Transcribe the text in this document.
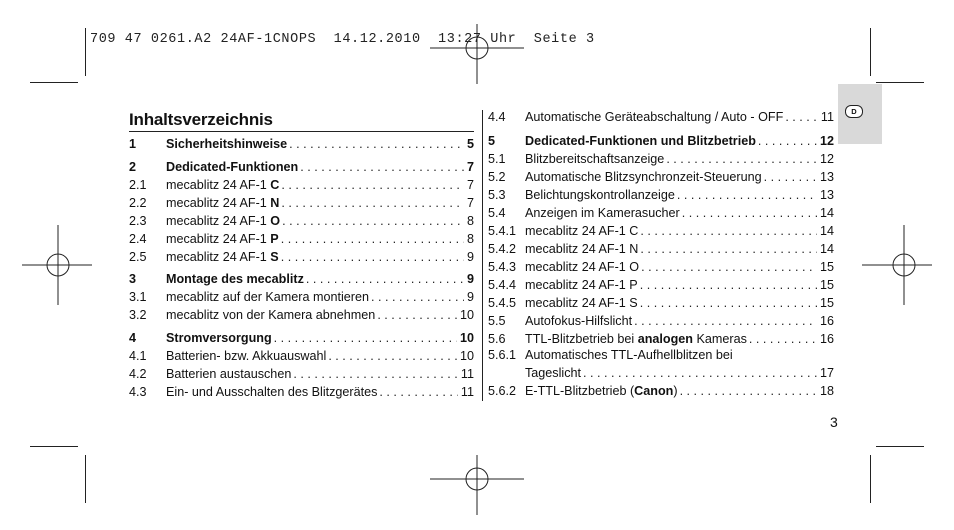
709 47 0261.A2 24AF-1CNOPS  14.12.2010  13:27 Uhr  Seite 3
Inhaltsverzeichnis
1	Sicherheitshinweise . . .	5
2	Dedicated-Funktionen . . .	7
2.1	mecablitz 24 AF-1 C . . .	7
2.2	mecablitz 24 AF-1 N . . .	7
2.3	mecablitz 24 AF-1 O . . .	8
2.4	mecablitz 24 AF-1 P . . .	8
2.5	mecablitz 24 AF-1 S . . .	9
3	Montage des mecablitz . . .	9
3.1	mecablitz auf der Kamera montieren . . .	9
3.2	mecablitz von der Kamera abnehmen . . .	10
4	Stromversorgung . . .	10
4.1	Batterien- bzw. Akkuauswahl . . .	10
4.2	Batterien austauschen . . .	11
4.3	Ein- und Ausschalten des Blitzgerätes . . .	11
4.4	Automatische Geräteabschaltung / Auto - OFF . . .	11
5	Dedicated-Funktionen und Blitzbetrieb . . .	12
5.1	Blitzbereitschaftsanzeige . . .	12
5.2	Automatische Blitzsynchronzeit-Steuerung . . .	13
5.3	Belichtungskontrollanzeige . . .	13
5.4	Anzeigen im Kamerasucher . . .	14
5.4.1 mecablitz 24 AF-1 C . . .	14
5.4.2 mecablitz 24 AF-1 N . . .	14
5.4.3 mecablitz 24 AF-1 O . . .	15
5.4.4 mecablitz 24 AF-1 P . . .	15
5.4.5 mecablitz 24 AF-1 S . . .	15
5.5	Autofokus-Hilfslicht . . .	16
5.6	TTL-Blitzbetrieb bei analogen Kameras . . .	16
5.6.1 Automatisches TTL-Aufhellblitzen bei
Tageslicht . . .	17
5.6.2 E-TTL-Blitzbetrieb (Canon) . . .	18
D
3
